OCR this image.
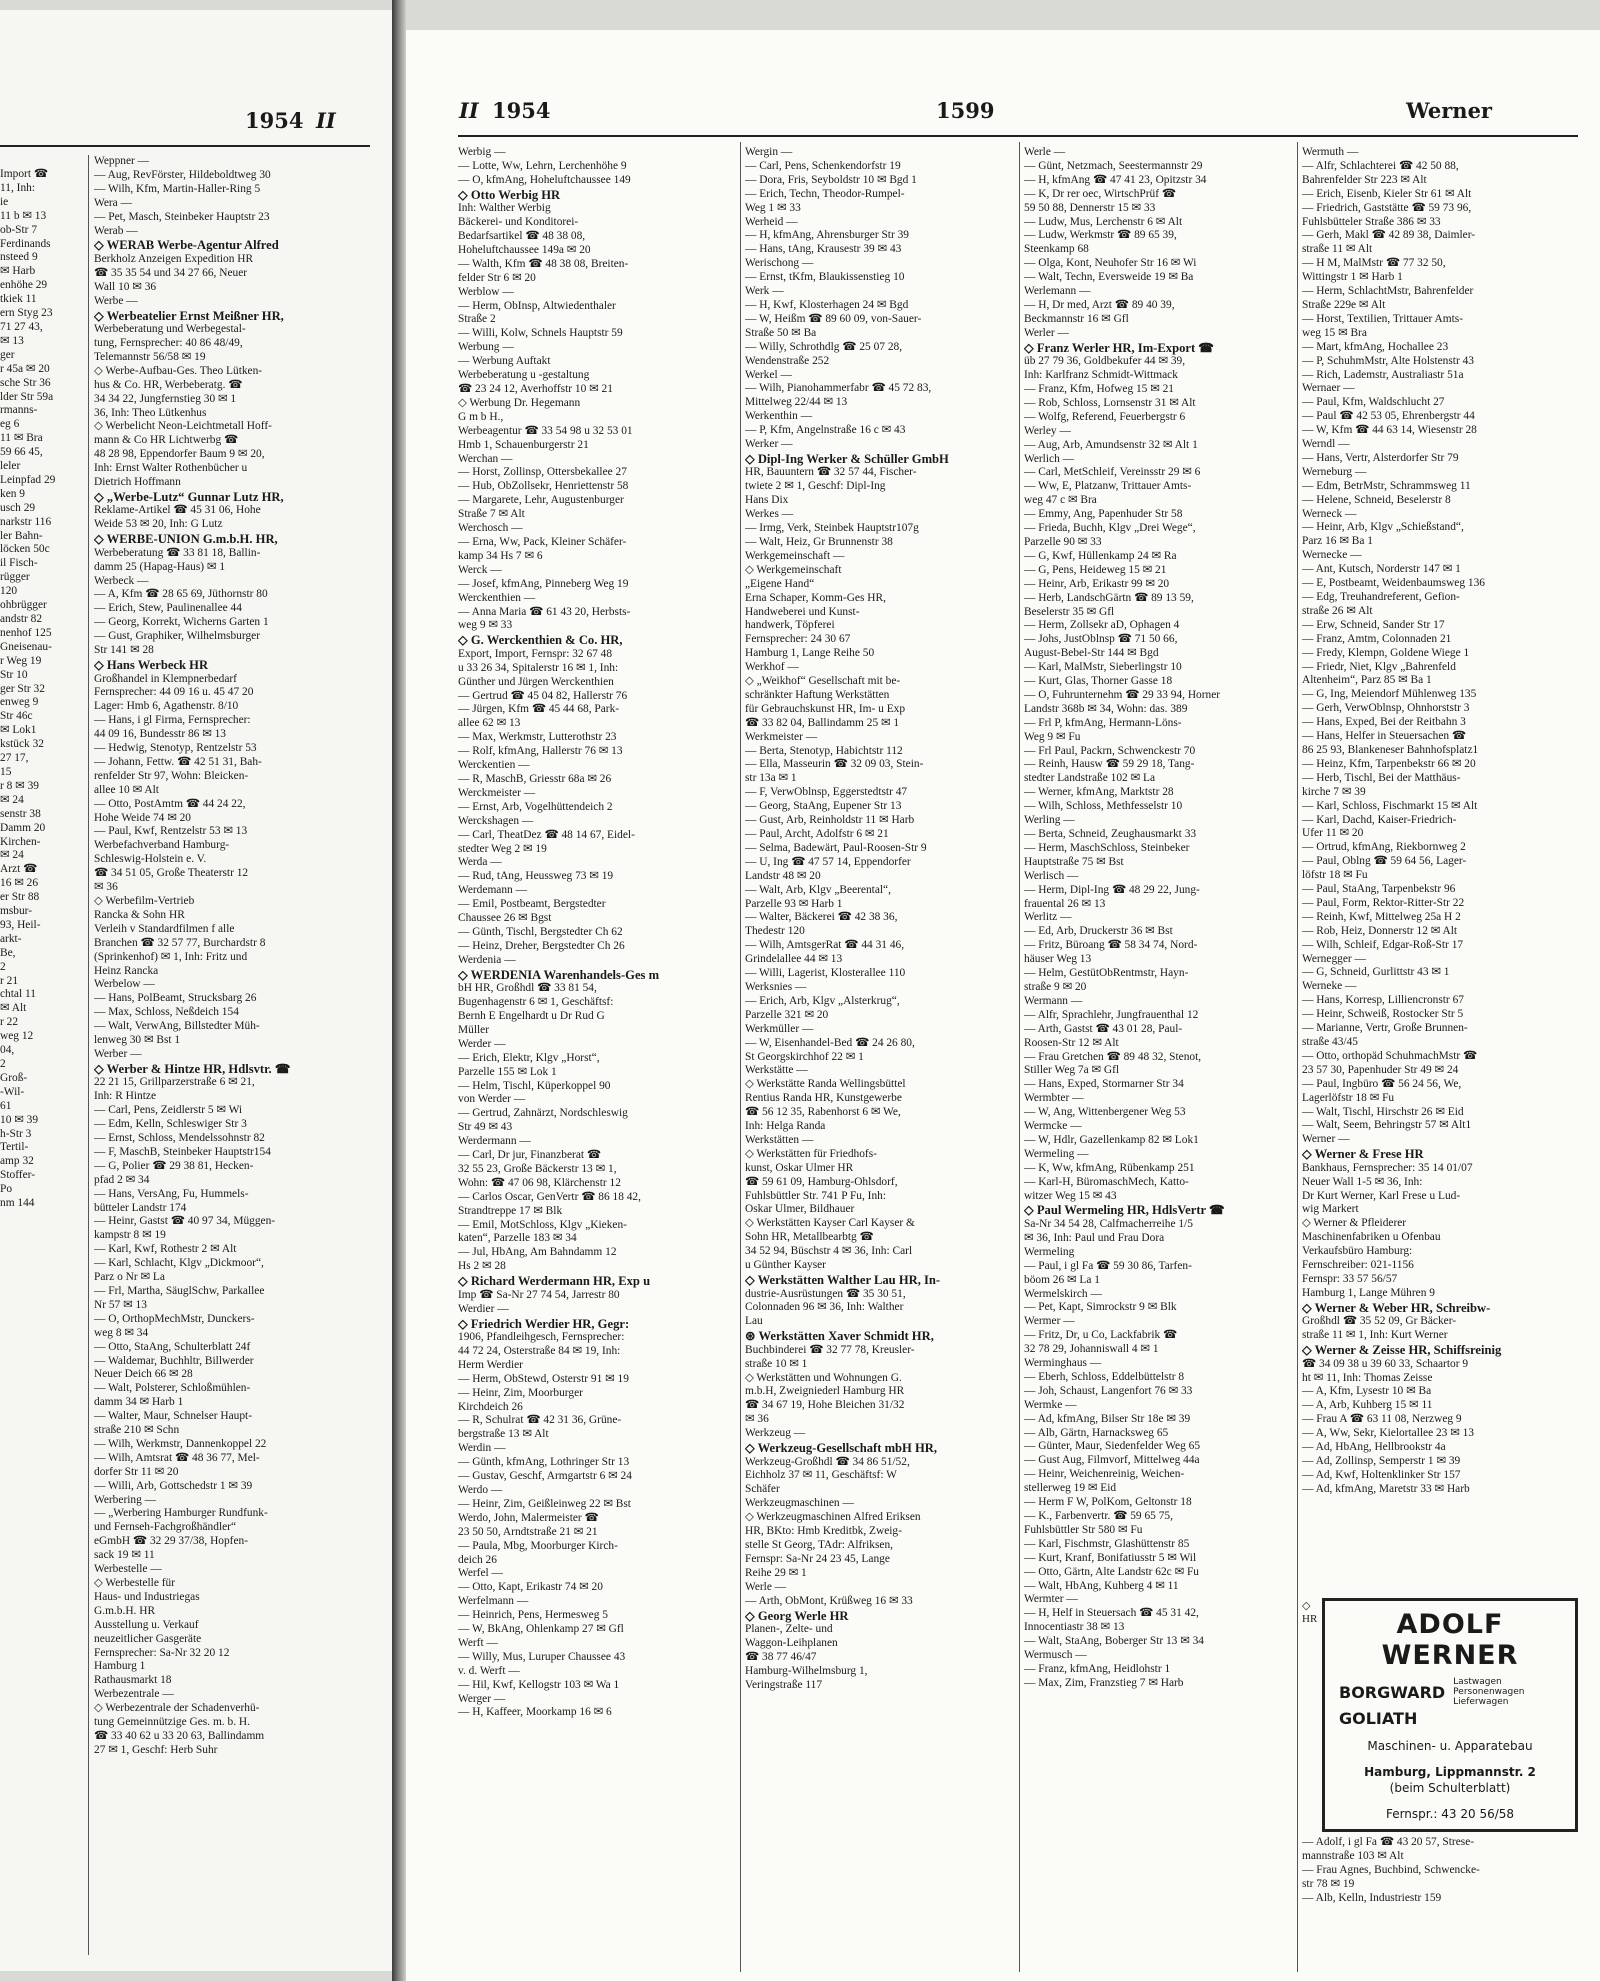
1954 II

Import ☎

11, Inh:

ie

11 b ✉ 13

ob-Str 7

Ferdinands

nsteed 9

✉ Harb

enhöhe 29

tkiek 11

ern Styg 23

71 27 43,

✉ 13

ger

r 45a ✉ 20

sche Str 36

lder Str 59a

rmanns-

eg 6

11 ✉ Bra

59 66 45,

leler

Leinpfad 29

ken 9

usch 29

narkstr 116

ler Bahn-

löcken 50c

il Fisch-

rügger

120

ohbrügger

andstr 82

nenhof 125

Gneisenau-

r Weg 19

Str 10

ger Str 32

enweg 9

Str 46c

✉ Lok1

kstück 32

27 17,

15

r 8 ✉ 39

✉ 24

senstr 38

Damm 20

Kirchen-

✉ 24

Arzt ☎

16 ✉ 26

er Str 88

msbur-

93, Heil-

arkt-

Be,

2

r 21

chtal 11

✉ Alt

r 22

weg 12

04,

2

Groß-

-Wil-

61

10 ✉ 39

h-Str 3

Tertil-

amp 32

Stoffer-

Po

nm 144

Weppner —

— Aug, RevFörster, Hildeboldtweg 30

— Wilh, Kfm, Martin-Haller-Ring 5

Wera —

— Pet, Masch, Steinbeker Hauptstr 23

Werab —

◇ WERAB Werbe-Agentur Alfred

Berkholz Anzeigen Expedition HR

☎ 35 35 54 und 34 27 66, Neuer

Wall 10 ✉ 36

Werbe —

◇ Werbeatelier Ernst Meißner HR,

Werbeberatung und Werbegestal-

tung, Fernsprecher: 40 86 48/49,

Telemannstr 56/58 ✉ 19

◇ Werbe-Aufbau-Ges. Theo Lütken-

hus & Co. HR, Werbeberatg. ☎

34 34 22, Jungfernstieg 30 ✉ 1

36, Inh: Theo Lütkenhus

◇ Werbelicht Neon-Leichtmetall Hoff-

mann & Co HR Lichtwerbg ☎

48 28 98, Eppendorfer Baum 9 ✉ 20,

Inh: Ernst Walter Rothenbücher u

Dietrich Hoffmann

◇ „Werbe-Lutz“ Gunnar Lutz HR,

Reklame-Artikel ☎ 45 31 06, Hohe

Weide 53 ✉ 20, Inh: G Lutz

◇ WERBE-UNION G.m.b.H. HR,

Werbeberatung ☎ 33 81 18, Ballin-

damm 25 (Hapag-Haus) ✉ 1

Werbeck —

— A, Kfm ☎ 28 65 69, Jüthornstr 80

— Erich, Stew, Paulinenallee 44

— Georg, Korrekt, Wicherns Garten 1

— Gust, Graphiker, Wilhelmsburger

Str 141 ✉ 28

◇ Hans Werbeck HR

Großhandel in Klempnerbedarf

Fernsprecher: 44 09 16 u. 45 47 20

Lager: Hmb 6, Agathenstr. 8/10

— Hans, i gl Firma, Fernsprecher:

44 09 16, Bundesstr 86 ✉ 13

— Hedwig, Stenotyp, Rentzelstr 53

— Johann, Fettw. ☎ 42 51 31, Bah-

renfelder Str 97, Wohn: Bleicken-

allee 10 ✉ Alt

— Otto, PostAmtm ☎ 44 24 22,

Hohe Weide 74 ✉ 20

— Paul, Kwf, Rentzelstr 53 ✉ 13

Werbefachverband Hamburg-

Schleswig-Holstein e. V.

☎ 34 51 05, Große Theaterstr 12

✉ 36

◇ Werbefilm-Vertrieb

Rancka & Sohn HR

Verleih v Standardfilmen f alle

Branchen ☎ 32 57 77, Burchardstr 8

(Sprinkenhof) ✉ 1, Inh: Fritz und

Heinz Rancka

Werbelow —

— Hans, PolBeamt, Strucksbarg 26

— Max, Schloss, Neßdeich 154

— Walt, VerwAng, Billstedter Müh-

lenweg 30 ✉ Bst 1

Werber —

◇ Werber & Hintze HR, Hdlsvtr. ☎

22 21 15, Grillparzerstraße 6 ✉ 21,

Inh: R Hintze

— Carl, Pens, Zeidlerstr 5 ✉ Wi

— Edm, Kelln, Schleswiger Str 3

— Ernst, Schloss, Mendelssohnstr 82

— F, MaschB, Steinbeker Hauptstr154

— G, Polier ☎ 29 38 81, Hecken-

pfad 2 ✉ 34

— Hans, VersAng, Fu, Hummels-

bütteler Landstr 174

— Heinr, Gastst ☎ 40 97 34, Müggen-

kampstr 8 ✉ 19

— Karl, Kwf, Rothestr 2 ✉ Alt

— Karl, Schlacht, Klgv „Dickmoor“,

Parz o Nr ✉ La

— Frl, Martha, SäuglSchw, Parkallee

Nr 57 ✉ 13

— O, OrthopMechMstr, Dunckers-

weg 8 ✉ 34

— Otto, StaAng, Schulterblatt 24f

— Waldemar, Buchhltr, Billwerder

Neuer Deich 66 ✉ 28

— Walt, Polsterer, Schloßmühlen-

damm 34 ✉ Harb 1

— Walter, Maur, Schnelser Haupt-

straße 210 ✉ Schn

— Wilh, Werkmstr, Dannenkoppel 22

— Wilh, Amtsrat ☎ 48 36 77, Mel-

dorfer Str 11 ✉ 20

— Willi, Arb, Gottschedstr 1 ✉ 39

Werbering —

— „Werbering Hamburger Rundfunk-

und Fernseh-Fachgroßhändler“

eGmbH ☎ 32 29 37/38, Hopfen-

sack 19 ✉ 11

Werbestelle —

◇ Werbestelle für

Haus- und Industriegas

G.m.b.H. HR

Ausstellung u. Verkauf

neuzeitlicher Gasgeräte

Fernsprecher: Sa-Nr 32 20 12

Hamburg 1

Rathausmarkt 18

Werbezentrale —

◇ Werbezentrale der Schadenverhü-

tung Gemeinnützige Ges. m. b. H.

☎ 33 40 62 u 33 20 63, Ballindamm

27 ✉ 1, Geschf: Herb Suhr

II 1954	1599	Werner

Werbig —

— Lotte, Ww, Lehrn, Lerchenhöhe 9

— O, kfmAng, Hoheluftchaussee 149

◇ Otto Werbig HR

Inh: Walther Werbig

Bäckerei- und Konditorei-

Bedarfsartikel ☎ 48 38 08,

Hoheluftchaussee 149a ✉ 20

— Walth, Kfm ☎ 48 38 08, Breiten-

felder Str 6 ✉ 20

Werblow —

— Herm, ObInsp, Altwiedenthaler

Straße 2

— Willi, Kolw, Schnels Hauptstr 59

Werbung —

— Werbung Auftakt

Werbeberatung u -gestaltung

☎ 23 24 12, Averhoffstr 10 ✉ 21

◇ Werbung Dr. Hegemann

G m b H.,

Werbeagentur ☎ 33 54 98 u 32 53 01

Hmb 1, Schauenburgerstr 21

Werchan —

— Horst, Zollinsp, Ottersbekallee 27

— Hub, ObZollsekr, Henriettenstr 58

— Margarete, Lehr, Augustenburger

Straße 7 ✉ Alt

Werchosch —

— Erna, Ww, Pack, Kleiner Schäfer-

kamp 34 Hs 7 ✉ 6

Werck —

— Josef, kfmAng, Pinneberg Weg 19

Werckenthien —

— Anna Maria ☎ 61 43 20, Herbsts-

weg 9 ✉ 33

◇ G. Werckenthien & Co. HR,

Export, Import, Fernspr: 32 67 48

u 33 26 34, Spitalerstr 16 ✉ 1, Inh:

Günther und Jürgen Werckenthien

— Gertrud ☎ 45 04 82, Hallerstr 76

— Jürgen, Kfm ☎ 45 44 68, Park-

allee 62 ✉ 13

— Max, Werkmstr, Lutterothstr 23

— Rolf, kfmAng, Hallerstr 76 ✉ 13

Werckentien —

— R, MaschB, Griesstr 68a ✉ 26

Werckmeister —

— Ernst, Arb, Vogelhüttendeich 2

Werckshagen —

— Carl, TheatDez ☎ 48 14 67, Eidel-

stedter Weg 2 ✉ 19

Werda —

— Rud, tAng, Heussweg 73 ✉ 19

Werdemann —

— Emil, Postbeamt, Bergstedter

Chaussee 26 ✉ Bgst

— Günth, Tischl, Bergstedter Ch 62

— Heinz, Dreher, Bergstedter Ch 26

Werdenia —

◇ WERDENIA Warenhandels-Ges m

bH HR, Großhdl ☎ 33 81 54,

Bugenhagenstr 6 ✉ 1, Geschäftsf:

Bernh E Engelhardt u Dr Rud G

Müller

Werder —

— Erich, Elektr, Klgv „Horst“,

Parzelle 155 ✉ Lok 1

— Helm, Tischl, Küperkoppel 90

von Werder —

— Gertrud, Zahnärzt, Nordschleswig

Str 49 ✉ 43

Werdermann —

— Carl, Dr jur, Finanzberat ☎

32 55 23, Große Bäckerstr 13 ✉ 1,

Wohn: ☎ 47 06 98, Klärchenstr 12

— Carlos Oscar, GenVertr ☎ 86 18 42,

Strandtreppe 17 ✉ Blk

— Emil, MotSchloss, Klgv „Kieken-

katen“, Parzelle 183 ✉ 34

— Jul, HbAng, Am Bahndamm 12

Hs 2 ✉ 28

◇ Richard Werdermann HR, Exp u

Imp ☎ Sa-Nr 27 74 54, Jarrestr 80

Werdier —

◇ Friedrich Werdier HR, Gegr:

1906, Pfandleihgesch, Fernsprecher:

44 72 24, Osterstraße 84 ✉ 19, Inh:

Herm Werdier

— Herm, ObStewd, Osterstr 91 ✉ 19

— Heinr, Zim, Moorburger

Kirchdeich 26

— R, Schulrat ☎ 42 31 36, Grüne-

bergstraße 13 ✉ Alt

Werdin —

— Günth, kfmAng, Lothringer Str 13

— Gustav, Geschf, Armgartstr 6 ✉ 24

Werdo —

— Heinr, Zim, Geißleinweg 22 ✉ Bst

Werdo, John, Malermeister ☎

23 50 50, Arndtstraße 21 ✉ 21

— Paula, Mbg, Moorburger Kirch-

deich 26

Werfel —

— Otto, Kapt, Erikastr 74 ✉ 20

Werfelmann —

— Heinrich, Pens, Hermesweg 5

— W, BkAng, Ohlenkamp 27 ✉ Gfl

Werft —

— Willy, Mus, Luruper Chaussee 43

v. d. Werft —

— Hil, Kwf, Kellogstr 103 ✉ Wa 1

Werger —

— H, Kaffeer, Moorkamp 16 ✉ 6

Wergin —

— Carl, Pens, Schenkendorfstr 19

— Dora, Fris, Seyboldstr 10 ✉ Bgd 1

— Erich, Techn, Theodor-Rumpel-

Weg 1 ✉ 33

Werheid —

— H, kfmAng, Ahrensburger Str 39

— Hans, tAng, Krausestr 39 ✉ 43

Werischong —

— Ernst, tKfm, Blaukissenstieg 10

Werk —

— H, Kwf, Klosterhagen 24 ✉ Bgd

— W, Heißm ☎ 89 60 09, von-Sauer-

Straße 50 ✉ Ba

— Willy, Schrothdlg ☎ 25 07 28,

Wendenstraße 252

Werkel —

— Wilh, Pianohammerfabr ☎ 45 72 83,

Mittelweg 22/44 ✉ 13

Werkenthin —

— P, Kfm, Angelnstraße 16 c ✉ 43

Werker —

◇ Dipl-Ing Werker & Schüller GmbH

HR, Bauuntern ☎ 32 57 44, Fischer-

twiete 2 ✉ 1, Geschf: Dipl-Ing

Hans Dix

Werkes —

— Irmg, Verk, Steinbek Hauptstr107g

— Walt, Heiz, Gr Brunnenstr 38

Werkgemeinschaft —

◇ Werkgemeinschaft

„Eigene Hand“

Erna Schaper, Komm-Ges HR,

Handweberei und Kunst-

handwerk, Töpferei

Fernsprecher: 24 30 67

Hamburg 1, Lange Reihe 50

Werkhof —

◇ „Weikhof“ Gesellschaft mit be-

schränkter Haftung Werkstätten

für Gebrauchskunst HR, Im- u Exp

☎ 33 82 04, Ballindamm 25 ✉ 1

Werkmeister —

— Berta, Stenotyp, Habichtstr 112

— Ella, Masseurin ☎ 32 09 03, Stein-

str 13a ✉ 1

— F, VerwOblnsp, Eggerstedtstr 47

— Georg, StaAng, Eupener Str 13

— Gust, Arb, Reinholdstr 11 ✉ Harb

— Paul, Archt, Adolfstr 6 ✉ 21

— Selma, Badewärt, Paul-Roosen-Str 9

— U, Ing ☎ 47 57 14, Eppendorfer

Landstr 48 ✉ 20

— Walt, Arb, Klgv „Beerental“,

Parzelle 93 ✉ Harb 1

— Walter, Bäckerei ☎ 42 38 36,

Thedestr 120

— Wilh, AmtsgerRat ☎ 44 31 46,

Grindelallee 44 ✉ 13

— Willi, Lagerist, Klosterallee 110

Werksnies —

— Erich, Arb, Klgv „Alsterkrug“,

Parzelle 321 ✉ 20

Werkmüller —

— W, Eisenhandel-Bed ☎ 24 26 80,

St Georgskirchhof 22 ✉ 1

Werkstätte —

◇ Werkstätte Randa Wellingsbüttel

Rentius Randa HR, Kunstgewerbe

☎ 56 12 35, Rabenhorst 6 ✉ We,

Inh: Helga Randa

Werkstätten —

◇ Werkstätten für Friedhofs-

kunst, Oskar Ulmer HR

☎ 59 61 09, Hamburg-Ohlsdorf,

Fuhlsbüttler Str. 741 P Fu, Inh:

Oskar Ulmer, Bildhauer

◇ Werkstätten Kayser Carl Kayser &

Sohn HR, Metallbearbtg ☎

34 52 94, Büschstr 4 ✉ 36, Inh: Carl

u Günther Kayser

◇ Werkstätten Walther Lau HR, In-

dustrie-Ausrüstungen ☎ 35 30 51,

Colonnaden 96 ✉ 36, Inh: Walther

Lau

⊛ Werkstätten Xaver Schmidt HR,

Buchbinderei ☎ 32 77 78, Kreusler-

straße 10 ✉ 1

◇ Werkstätten und Wohnungen G.

m.b.H, Zweigniederl Hamburg HR

☎ 34 67 19, Hohe Bleichen 31/32

✉ 36

Werkzeug —

◇ Werkzeug-Gesellschaft mbH HR,

Werkzeug-Großhdl ☎ 34 86 51/52,

Eichholz 37 ✉ 11, Geschäftsf: W

Schäfer

Werkzeugmaschinen —

◇ Werkzeugmaschinen Alfred Eriksen

HR, BKto: Hmb Kreditbk, Zweig-

stelle St Georg, TAdr: Alfriksen,

Fernspr: Sa-Nr 24 23 45, Lange

Reihe 29 ✉ 1

Werle —

— Arth, ObMont, Krüßweg 16 ✉ 33

◇ Georg Werle HR

Planen-, Zelte- und

Waggon-Leihplanen

☎ 38 77 46/47

Hamburg-Wilhelmsburg 1,

Veringstraße 117

Werle —

— Günt, Netzmach, Seestermannstr 29

— H, kfmAng ☎ 47 41 23, Opitzstr 34

— K, Dr rer oec, WirtschPrüf ☎

59 50 88, Dennerstr 15 ✉ 33

— Ludw, Mus, Lerchenstr 6 ✉ Alt

— Ludw, Werkmstr ☎ 89 65 39,

Steenkamp 68

— Olga, Kont, Neuhofer Str 16 ✉ Wi

— Walt, Techn, Eversweide 19 ✉ Ba

Werlemann —

— H, Dr med, Arzt ☎ 89 40 39,

Beckmannstr 16 ✉ Gfl

Werler —

◇ Franz Werler HR, Im-Export ☎

üb 27 79 36, Goldbekufer 44 ✉ 39,

Inh: Karlfranz Schmidt-Wittmack

— Franz, Kfm, Hofweg 15 ✉ 21

— Rob, Schloss, Lornsenstr 31 ✉ Alt

— Wolfg, Referend, Feuerbergstr 6

Werley —

— Aug, Arb, Amundsenstr 32 ✉ Alt 1

Werlich —

— Carl, MetSchleif, Vereinsstr 29 ✉ 6

— Ww, E, Platzanw, Trittauer Amts-

weg 47 c ✉ Bra

— Emmy, Ang, Papenhuder Str 58

— Frieda, Buchh, Klgv „Drei Wege“,

Parzelle 90 ✉ 33

— G, Kwf, Hüllenkamp 24 ✉ Ra

— G, Pens, Heideweg 15 ✉ 21

— Heinr, Arb, Erikastr 99 ✉ 20

— Herb, LandschGärtn ☎ 89 13 59,

Beselerstr 35 ✉ Gfl

— Herm, Zollsekr aD, Ophagen 4

— Johs, JustOblnsp ☎ 71 50 66,

August-Bebel-Str 144 ✉ Bgd

— Karl, MalMstr, Sieberlingstr 10

— Kurt, Glas, Thorner Gasse 18

— O, Fuhrunternehm ☎ 29 33 94, Horner

Landstr 368b ✉ 34, Wohn: das. 389

— Frl P, kfmAng, Hermann-Löns-

Weg 9 ✉ Fu

— Frl Paul, Packrn, Schwenckestr 70

— Reinh, Hausw ☎ 59 29 18, Tang-

stedter Landstraße 102 ✉ La

— Werner, kfmAng, Marktstr 28

— Wilh, Schloss, Methfesselstr 10

Werling —

— Berta, Schneid, Zeughausmarkt 33

— Herm, MaschSchloss, Steinbeker

Hauptstraße 75 ✉ Bst

Werlisch —

— Herm, Dipl-Ing ☎ 48 29 22, Jung-

frauental 26 ✉ 13

Werlitz —

— Ed, Arb, Druckerstr 36 ✉ Bst

— Fritz, Büroang ☎ 58 34 74, Nord-

häuser Weg 13

— Helm, GestütObRentmstr, Hayn-

straße 9 ✉ 20

Wermann —

— Alfr, Sprachlehr, Jungfrauenthal 12

— Arth, Gastst ☎ 43 01 28, Paul-

Roosen-Str 12 ✉ Alt

— Frau Gretchen ☎ 89 48 32, Stenot,

Stiller Weg 7a ✉ Gfl

— Hans, Exped, Stormarner Str 34

Wermbter —

— W, Ang, Wittenbergener Weg 53

Wermcke —

— W, Hdlr, Gazellenkamp 82 ✉ Lok1

Wermeling —

— K, Ww, kfmAng, Rübenkamp 251

— Karl-H, BüromaschMech, Katto-

witzer Weg 15 ✉ 43

◇ Paul Wermeling HR, HdlsVertr ☎

Sa-Nr 34 54 28, Calfmacherreihe 1/5

✉ 36, Inh: Paul und Frau Dora

Wermeling

— Paul, i gl Fa ☎ 59 30 86, Tarfen-

böom 26 ✉ La 1

Wermelskirch —

— Pet, Kapt, Simrockstr 9 ✉ Blk

Wermer —

— Fritz, Dr, u Co, Lackfabrik ☎

32 78 29, Johanniswall 4 ✉ 1

Werminghaus —

— Eberh, Schloss, Eddelbüttelstr 8

— Joh, Schaust, Langenfort 76 ✉ 33

Wermke —

— Ad, kfmAng, Bilser Str 18e ✉ 39

— Alb, Gärtn, Harnacksweg 65

— Günter, Maur, Siedenfelder Weg 65

— Gust Aug, Filmvorf, Mittelweg 44a

— Heinr, Weichenreinig, Weichen-

stellerweg 19 ✉ Eid

— Herm F W, PolKom, Geltonstr 18

— K., Farbenvertr. ☎ 59 65 75,

Fuhlsbüttler Str 580 ✉ Fu

— Karl, Fischmstr, Glashüttenstr 85

— Kurt, Kranf, Bonifatiusstr 5 ✉ Wil

— Otto, Gärtn, Alte Landstr 62c ✉ Fu

— Walt, HbAng, Kuhberg 4 ✉ 11

Wermter —

— H, Helf in Steuersach ☎ 45 31 42,

Innocentiastr 38 ✉ 13

— Walt, StaAng, Boberger Str 13 ✉ 34

Wermusch —

— Franz, kfmAng, Heidlohstr 1

— Max, Zim, Franzstieg 7 ✉ Harb

Wermuth —

— Alfr, Schlachterei ☎ 42 50 88,

Bahrenfelder Str 223 ✉ Alt

— Erich, Eisenb, Kieler Str 61 ✉ Alt

— Friedrich, Gaststätte ☎ 59 73 96,

Fuhlsbütteler Straße 386 ✉ 33

— Gerh, Makl ☎ 42 89 38, Daimler-

straße 11 ✉ Alt

— H M, MalMstr ☎ 77 32 50,

Wittingstr 1 ✉ Harb 1

— Herm, SchlachtMstr, Bahrenfelder

Straße 229e ✉ Alt

— Horst, Textilien, Trittauer Amts-

weg 15 ✉ Bra

— Mart, kfmAng, Hochallee 23

— P, SchuhmMstr, Alte Holstenstr 43

— Rich, Lademstr, Australiastr 51a

Wernaer —

— Paul, Kfm, Waldschlucht 27

— Paul ☎ 42 53 05, Ehrenbergstr 44

— W, Kfm ☎ 44 63 14, Wiesenstr 28

Werndl —

— Hans, Vertr, Alsterdorfer Str 79

Werneburg —

— Edm, BetrMstr, Schrammsweg 11

— Helene, Schneid, Beselerstr 8

Werneck —

— Heinr, Arb, Klgv „Schießstand“,

Parz 16 ✉ Ba 1

Wernecke —

— Ant, Kutsch, Norderstr 147 ✉ 1

— E, Postbeamt, Weidenbaumsweg 136

— Edg, Treuhandreferent, Gefion-

straße 26 ✉ Alt

— Erw, Schneid, Sander Str 17

— Franz, Amtm, Colonnaden 21

— Fredy, Klempn, Goldene Wiege 1

— Friedr, Niet, Klgv „Bahrenfeld

Altenheim“, Parz 85 ✉ Ba 1

— G, Ing, Meiendorf Mühlenweg 135

— Gerh, VerwOblnsp, Ohnhorststr 3

— Hans, Exped, Bei der Reitbahn 3

— Hans, Helfer in Steuersachen ☎

86 25 93, Blankeneser Bahnhofsplatz1

— Heinz, Kfm, Tarpenbekstr 66 ✉ 20

— Herb, Tischl, Bei der Matthäus-

kirche 7 ✉ 39

— Karl, Schloss, Fischmarkt 15 ✉ Alt

— Karl, Dachd, Kaiser-Friedrich-

Ufer 11 ✉ 20

— Ortrud, kfmAng, Riekbornweg 2

— Paul, Oblng ☎ 59 64 56, Lager-

löfstr 18 ✉ Fu

— Paul, StaAng, Tarpenbekstr 96

— Paul, Form, Rektor-Ritter-Str 22

— Reinh, Kwf, Mittelweg 25a H 2

— Rob, Heiz, Donnerstr 12 ✉ Alt

— Wilh, Schleif, Edgar-Roß-Str 17

Wernegger —

— G, Schneid, Gurlittstr 43 ✉ 1

Werneke —

— Hans, Korresp, Lilliencronstr 67

— Heinr, Schweiß, Rostocker Str 5

— Marianne, Vertr, Große Brunnen-

straße 43/45

— Otto, orthopäd SchuhmachMstr ☎

23 57 30, Papenhuder Str 49 ✉ 24

— Paul, Ingbüro ☎ 56 24 56, We,

Lagerlöfstr 18 ✉ Fu

— Walt, Tischl, Hirschstr 26 ✉ Eid

— Walt, Seem, Behringstr 57 ✉ Alt1

Werner —

◇ Werner & Frese HR

Bankhaus, Fernsprecher: 35 14 01/07

Neuer Wall 1-5 ✉ 36, Inh:

Dr Kurt Werner, Karl Frese u Lud-

wig Markert

◇ Werner & Pfleiderer

Maschinenfabriken u Ofenbau

Verkaufsbüro Hamburg:

Fernschreiber: 021-1156

Fernspr: 33 57 56/57

Hamburg 1, Lange Mühren 9

◇ Werner & Weber HR, Schreibw-

Großhdl ☎ 35 52 09, Gr Bäcker-

straße 11 ✉ 1, Inh: Kurt Werner

◇ Werner & Zeisse HR, Schiffsreinig

☎ 34 09 38 u 39 60 33, Schaartor 9

ht ✉ 11, Inh: Thomas Zeisse

— A, Kfm, Lysestr 10 ✉ Ba

— A, Arb, Kuhberg 15 ✉ 11

— Frau A ☎ 63 11 08, Nerzweg 9

— A, Ww, Sekr, Kielortallee 23 ✉ 13

— Ad, HbAng, Hellbrookstr 4a

— Ad, Zollinsp, Semperstr 1 ✉ 39

— Ad, Kwf, Holtenklinker Str 157

— Ad, kfmAng, Maretstr 33 ✉ Harb

◇ HR	ADOLF WERNER
BORGWARD
Lastwagen Personenwagen Lieferwagen
GOLIATH
Maschinen- u. Apparatebau
Hamburg, Lippmannstr. 2
(beim Schulterblatt)
Fernspr.: 43 20 56/58

— Adolf, i gl Fa ☎ 43 20 57, Strese-

mannstraße 103 ✉ Alt

— Frau Agnes, Buchbind, Schwencke-

str 78 ✉ 19

— Alb, Kelln, Industriestr 159
